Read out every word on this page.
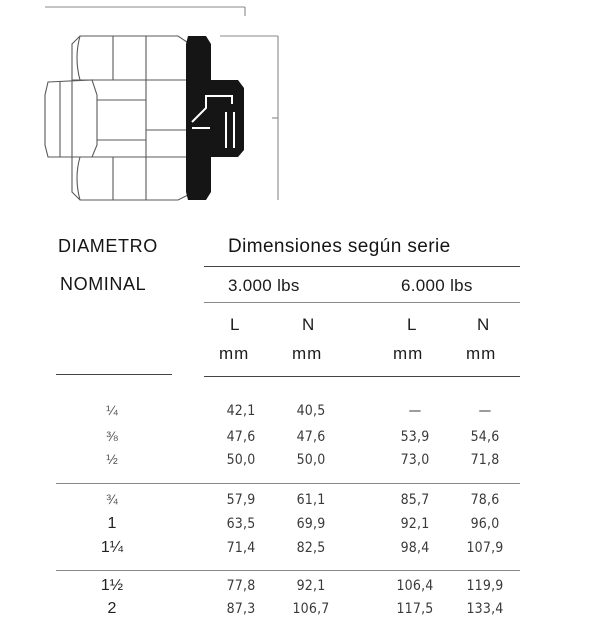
DIAMETRO
NOMINAL
Dimensiones según serie
3.000 lbs	6.000 lbs
L	N	L	N
mm	mm	mm	mm
¼	42,1	40,5	—	—
⅜	47,6	47,6	53,9	54,6
½	50,0	50,0	73,0	71,8
¾	57,9	61,1	85,7	78,6
1	63,5	69,9	92,1	96,0
1¼	71,4	82,5	98,4	107,9
1½	77,8	92,1	106,4	119,9
2	87,3	106,7	117,5	133,4
